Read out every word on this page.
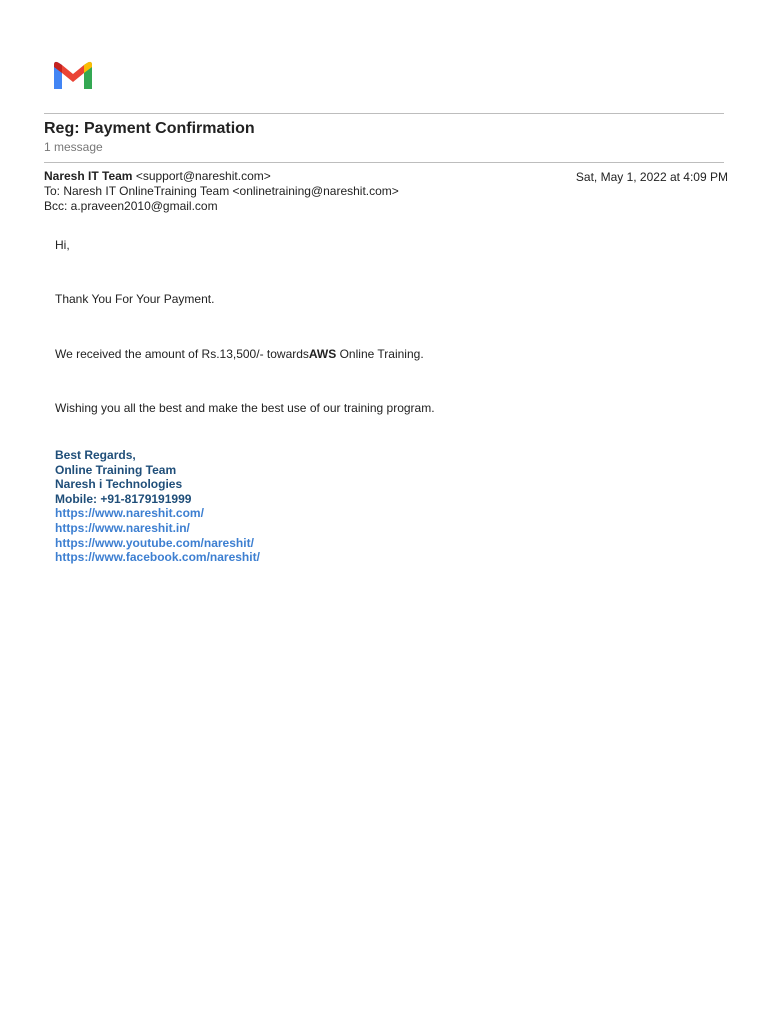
Reg: Payment Confirmation
1 message
Naresh IT Team <support@nareshit.com>
To: Naresh IT OnlineTraining Team <onlinetraining@nareshit.com>
Bcc: a.praveen2010@gmail.com
Sat, May 1, 2022 at 4:09 PM

Hi,

Thank You For Your Payment.

We received the amount of Rs.13,500/- towardsAWS Online Training.

Wishing you all the best and make the best use of our training program.

Best Regards,
Online Training Team
Naresh i Technologies
Mobile: +91-8179191999
https://www.nareshit.com/
https://www.nareshit.in/
https://www.youtube.com/nareshit/
https://www.facebook.com/nareshit/
